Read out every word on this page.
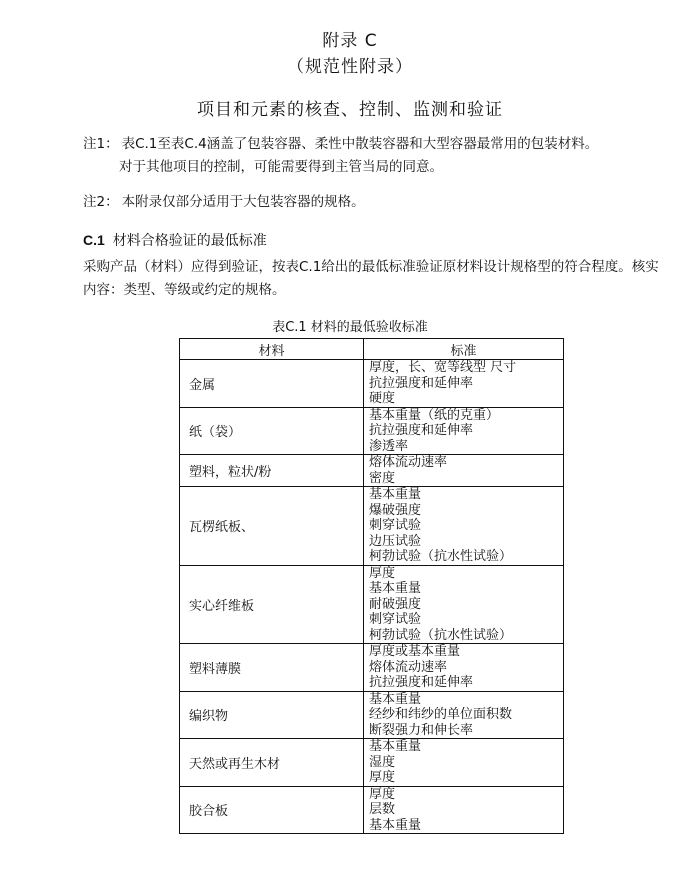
附录 C
（规范性附录）
项目和元素的核查、控制、监测和验证
注1： 表C.1至表C.4涵盖了包装容器、柔性中散装容器和大型容器最常用的包装材料。
对于其他项目的控制，可能需要得到主管当局的同意。
注2： 本附录仅部分适用于大包装容器的规格。
C.1 材料合格验证的最低标准
采购产品（材料）应得到验证，按表C.1给出的最低标准验证原材料设计规格型的符合程度。核实内容：类型、等级或约定的规格。
表C.1 材料的最低验收标准
材料	标准
金属	厚度，长、宽等线型 尺寸
抗拉强度和延伸率
硬度

纸（袋）	基本重量（纸的克重）
抗拉强度和延伸率
渗透率

塑料，粒状/粉	熔体流动速率
密度

瓦楞纸板、	基本重量
爆破强度
刺穿试验
边压试验
柯勃试验（抗水性试验）

实心纤维板	厚度
基本重量
耐破强度
刺穿试验
柯勃试验（抗水性试验）

塑料薄膜	厚度或基本重量
熔体流动速率
抗拉强度和延伸率

编织物	基本重量
经纱和纬纱的单位面积数
断裂强力和伸长率

天然或再生木材	基本重量
湿度
厚度

胶合板	厚度
层数
基本重量
